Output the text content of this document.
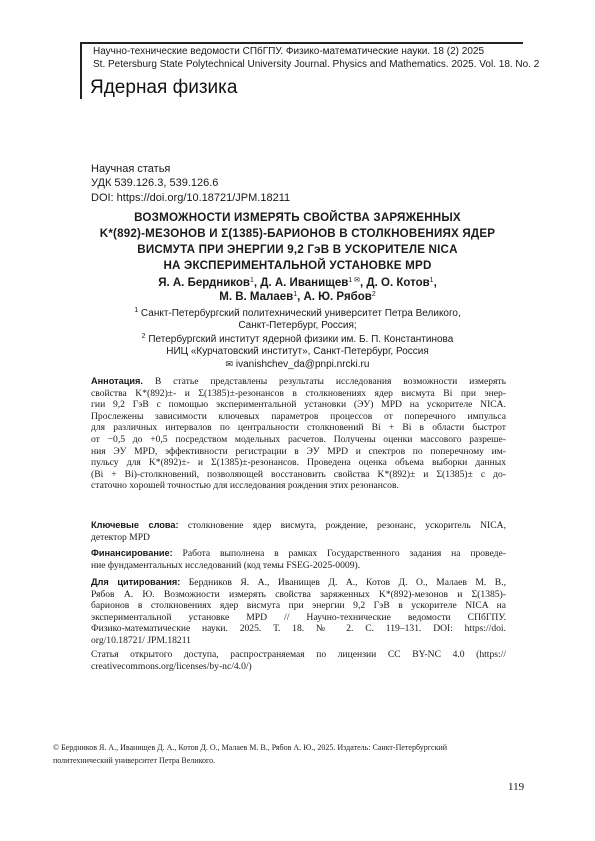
Научно-технические ведомости СПбГПУ. Физико-математические науки. 18 (2) 2025
St. Petersburg State Polytechnical University Journal. Physics and Mathematics. 2025. Vol. 18. No. 2
Ядерная физика
Научная статья
УДК 539.126.3, 539.126.6
DOI: https://doi.org/10.18721/JPM.18211
ВОЗМОЖНОСТИ ИЗМЕРЯТЬ СВОЙСТВА ЗАРЯЖЕННЫХ
K*(892)-МЕЗОНОВ И Σ(1385)-БАРИОНОВ В СТОЛКНОВЕНИЯХ ЯДЕР
ВИСМУТА ПРИ ЭНЕРГИИ 9,2 ГэВ В УСКОРИТЕЛЕ NICA
НА ЭКСПЕРИМЕНТАЛЬНОЙ УСТАНОВКЕ MPD
Я. А. Бердников$^1$, Д. А. Иванищев$^{1 ✉}$, Д. О. Котов$^1$,
М. В. Малаев$^1$, А. Ю. Рябов$^2$
$^1$ Санкт-Петербургский политехнический университет Петра Великого,
Санкт-Петербург, Россия;
$^2$ Петербургский институт ядерной физики им. Б. П. Константинова
НИЦ «Курчатовский институт», Санкт-Петербург, Россия
✉ ivanishchev_da@pnpi.nrcki.ru
Аннотация. В статье представлены результаты исследования возможности измерять
свойства K*(892)±- и Σ(1385)±-резонансов в столкновениях ядер висмута Bi при энер-
гии 9,2 ГэВ с помощью экспериментальной установки (ЭУ) MPD на ускорителе NICA.
Прослежены зависимости ключевых параметров процессов от поперечного импульса
для различных интервалов по центральности столкновений Bi + Bi в области быстрот
от −0,5 до +0,5 посредством модельных расчетов. Получены оценки массового разреше-
ния ЭУ MPD, эффективности регистрации в ЭУ MPD и спектров по поперечному им-
пульсу для K*(892)±- и Σ(1385)±-резонансов. Проведена оценка объема выборки данных
(Bi + Bi)-столкновений, позволяющей восстановить свойства K*(892)± и Σ(1385)± с до-
статочно хорошей точностью для исследования рождения этих резонансов.
Ключевые слова: столкновение ядер висмута, рождение, резонанс, ускоритель NICA,
детектор MPD
Финансирование: Работа выполнена в рамках Государственного задания на проведе-
ние фундаментальных исследований (код темы FSEG-2025-0009).
Для цитирования: Бердников Я. А., Иванищев Д. А., Котов Д. О., Малаев М. В.,
Рябов А. Ю. Возможности измерять свойства заряженных K*(892)-мезонов и Σ(1385)-
барионов в столкновениях ядер висмута при энергии 9,2 ГэВ в ускорителе NICA на
экспериментальной установке MPD // Научно-технические ведомости СПбГПУ.
Физико-математические науки. 2025. Т. 18. № 2. С. 119–131. DOI: https://doi.
org/10.18721/ JPM.18211
Статья открытого доступа, распространяемая по лицензии CC BY-NC 4.0 (https://
creativecommons.org/licenses/by-nc/4.0/)
© Бердников Я. А., Иванищев Д. А., Котов Д. О., Малаев М. В., Рябов А. Ю., 2025. Издатель: Санкт-Петербургский
политехнический университет Петра Великого.
119
